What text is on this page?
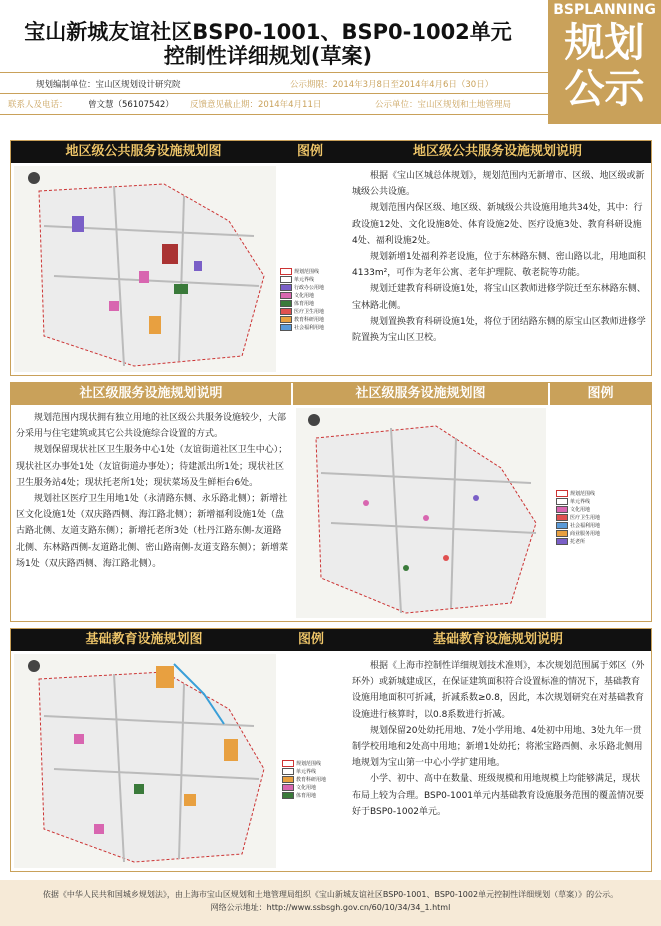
宝山新城友谊社区BSP0-1001、BSP0-1002单元
控制性详细规划(草案)
BSPLANNING
规划公示
规划编制单位：宝山区规划设计研究院	公示期限：2014年3月8日至2014年4月6日（30日）
联系人及电话： 曾文慧（56107542） 反馈意见截止期：2014年4月11日	公示单位：宝山区规划和土地管理局
地区级公共服务设施规划图	图例	地区级公共服务设施规划说明
规划范围线
单元界线
行政办公用地
文化用地
体育用地
医疗卫生用地
教育科研用地
社会福利用地

根据《宝山区城总体规划》，规划范围内无新增市、区级、地区级或新城级公共设施。

规划范围内保区级、地区级、新城级公共设施用地共34处，其中：行政设施12处、文化设施8处、体育设施2处、医疗设施3处、教育科研设施4处、福利设施2处。

规划新增1处福利养老设施，位于东林路东侧、密山路以北，用地面积4133m²，可作为老年公寓、老年护理院、敬老院等功能。

规划迁建教育科研设施1处，将宝山区教师进修学院迁至东林路东侧、宝林路北侧。

规划置换教育科研设施1处，将位于团结路东侧的原宝山区教师进修学院置换为宝山区卫校。

社区级服务设施规划说明	社区级服务设施规划图	图例

规划范围内现状拥有独立用地的社区级公共服务设施较少，大部分采用与住宅建筑或其它公共设施综合设置的方式。

规划保留现状社区卫生服务中心1处（友谊街道社区卫生中心）；现状社区办事处1处（友谊街道办事处）；待建派出所1处；现状社区卫生服务站4处；现状托老所1处；现状菜场及生鲜柜台6处。

规划社区医疗卫生用地1处（永清路东侧、永乐路北侧）；新增社区文化设施1处（双庆路西侧、海江路北侧）；新增福利设施1处（盘古路北侧、友道支路东侧）；新增托老所3处（杜丹江路东侧-友道路北侧、东林路西侧-友道路北侧、密山路南侧-友道支路东侧）；新增菜场1处（双庆路西侧、海江路北侧）。

规划范围线
单元界线
文化用地
医疗卫生用地
社会福利用地
商业服务用地
托老所
基础教育设施规划图	图例	基础教育设施规划说明
规划范围线
单元界线
教育科研用地
文化用地
体育用地

根据《上海市控制性详细规划技术准则》，本次规划范围属于郊区（外环外）或新城建成区，在保证建筑面积符合设置标准的情况下，基础教育设施用地面积可折减，折减系数≥0.8，因此，本次规划研究在对基础教育设施进行核算时，以0.8系数进行折减。

规划保留20处幼托用地、7处小学用地、4处初中用地、3处九年一贯制学校用地和2处高中用地；新增1处幼托；将淞宝路西侧、永乐路北侧用地规划为宝山第一中心小学扩建用地。

小学、初中、高中在数量、班级规模和用地规模上均能够满足，现状布局上较为合理。BSP0-1001单元内基础教育设施服务范围的覆盖情况要好于BSP0-1002单元。

依据《中华人民共和国城乡规划法》，由上海市宝山区规划和土地管理局组织《宝山新城友谊社区BSP0-1001、BSP0-1002单元控制性详细规划（草案）》的公示。
网络公示地址：http://www.ssbsgh.gov.cn/60/10/34/34_1.html
